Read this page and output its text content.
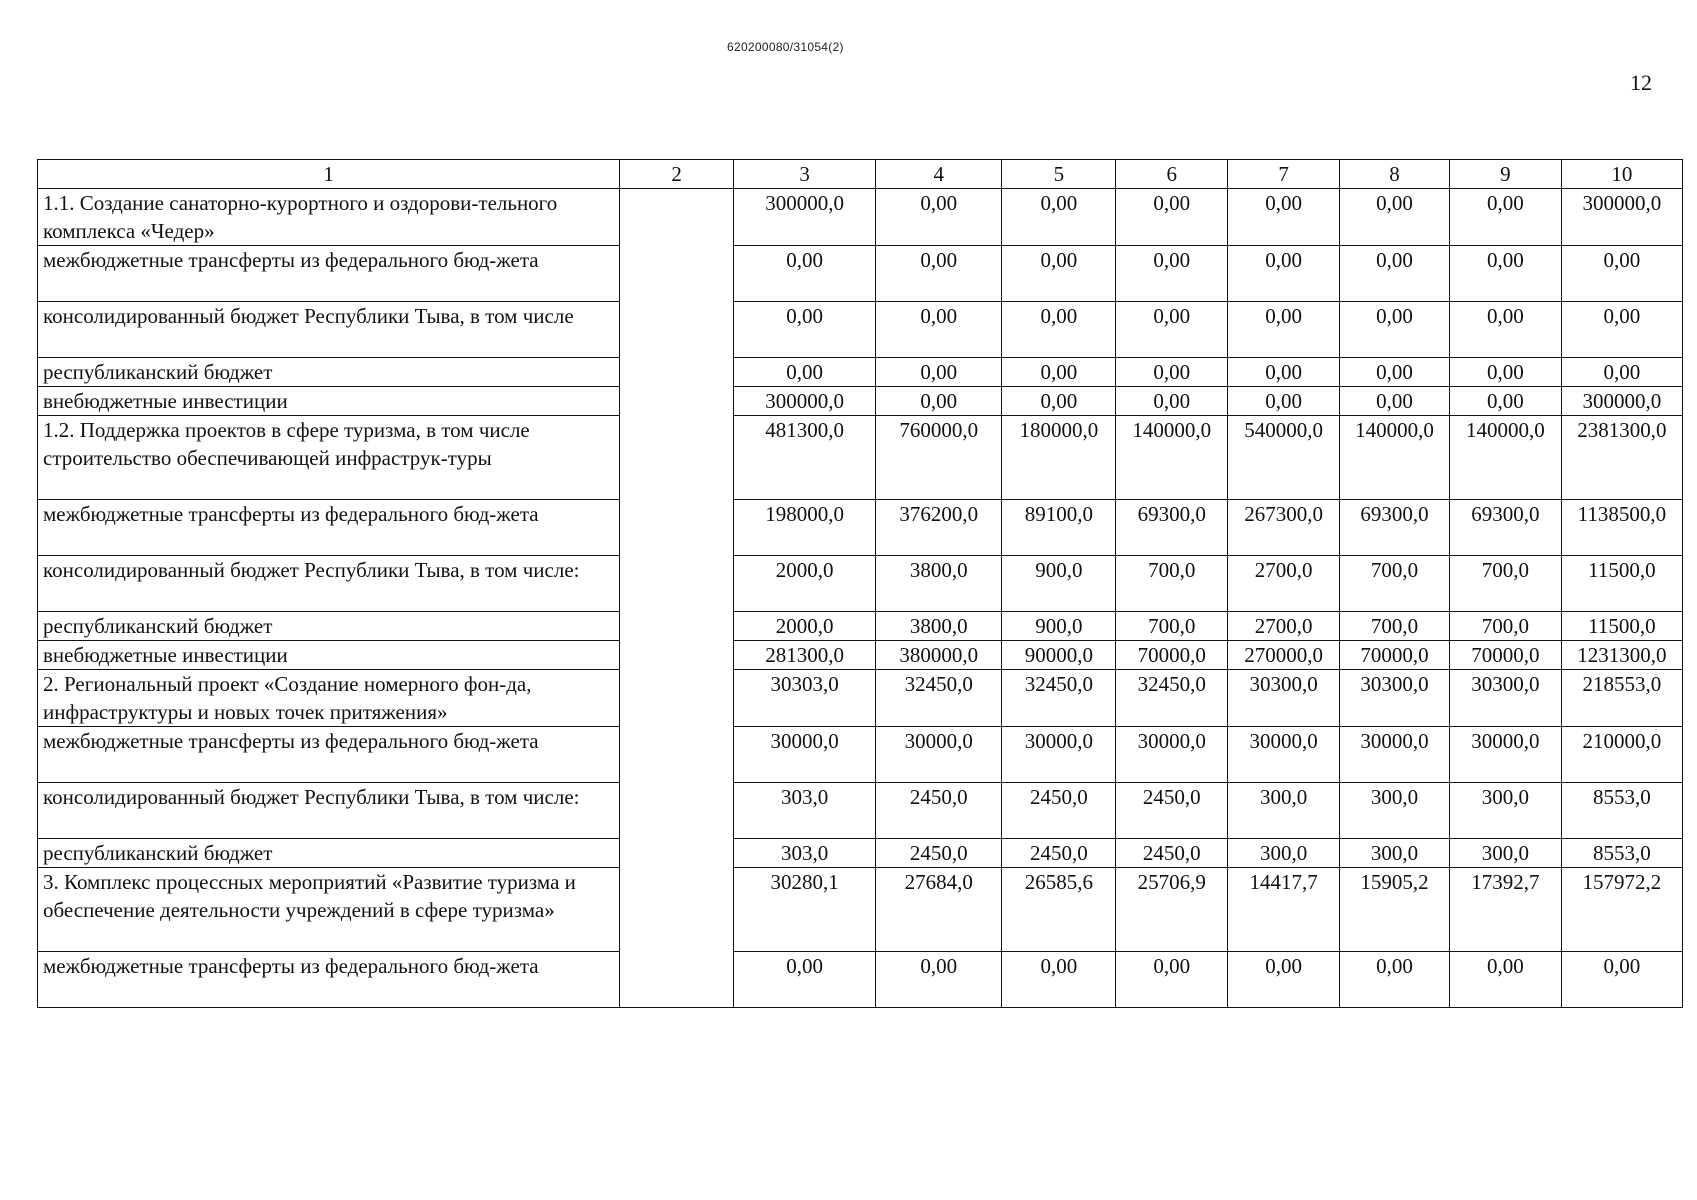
620200080/31054(2)
12
1	2	3	4	5	6	7	8	9	10
1.1. Создание санаторно-курортного и оздорови-тельного комплекса «Чедер»		300000,0	0,00	0,00	0,00	0,00	0,00	0,00	300000,0
межбюджетные трансферты из федерального бюд-жета		0,00	0,00	0,00	0,00	0,00	0,00	0,00	0,00
консолидированный бюджет Республики Тыва, в том числе		0,00	0,00	0,00	0,00	0,00	0,00	0,00	0,00
республиканский бюджет		0,00	0,00	0,00	0,00	0,00	0,00	0,00	0,00
внебюджетные инвестиции		300000,0	0,00	0,00	0,00	0,00	0,00	0,00	300000,0
1.2. Поддержка проектов в сфере туризма, в том числе строительство обеспечивающей инфраструк-туры		481300,0	760000,0	180000,0	140000,0	540000,0	140000,0	140000,0	2381300,0
межбюджетные трансферты из федерального бюд-жета		198000,0	376200,0	89100,0	69300,0	267300,0	69300,0	69300,0	1138500,0
консолидированный бюджет Республики Тыва, в том числе:		2000,0	3800,0	900,0	700,0	2700,0	700,0	700,0	11500,0
республиканский бюджет		2000,0	3800,0	900,0	700,0	2700,0	700,0	700,0	11500,0
внебюджетные инвестиции		281300,0	380000,0	90000,0	70000,0	270000,0	70000,0	70000,0	1231300,0
2. Региональный проект «Создание номерного фон-да, инфраструктуры и новых точек притяжения»		30303,0	32450,0	32450,0	32450,0	30300,0	30300,0	30300,0	218553,0
межбюджетные трансферты из федерального бюд-жета		30000,0	30000,0	30000,0	30000,0	30000,0	30000,0	30000,0	210000,0
консолидированный бюджет Республики Тыва, в том числе:		303,0	2450,0	2450,0	2450,0	300,0	300,0	300,0	8553,0
республиканский бюджет		303,0	2450,0	2450,0	2450,0	300,0	300,0	300,0	8553,0
3. Комплекс процессных мероприятий «Развитие туризма и обеспечение деятельности учреждений в сфере туризма»		30280,1	27684,0	26585,6	25706,9	14417,7	15905,2	17392,7	157972,2
межбюджетные трансферты из федерального бюд-жета		0,00	0,00	0,00	0,00	0,00	0,00	0,00	0,00
